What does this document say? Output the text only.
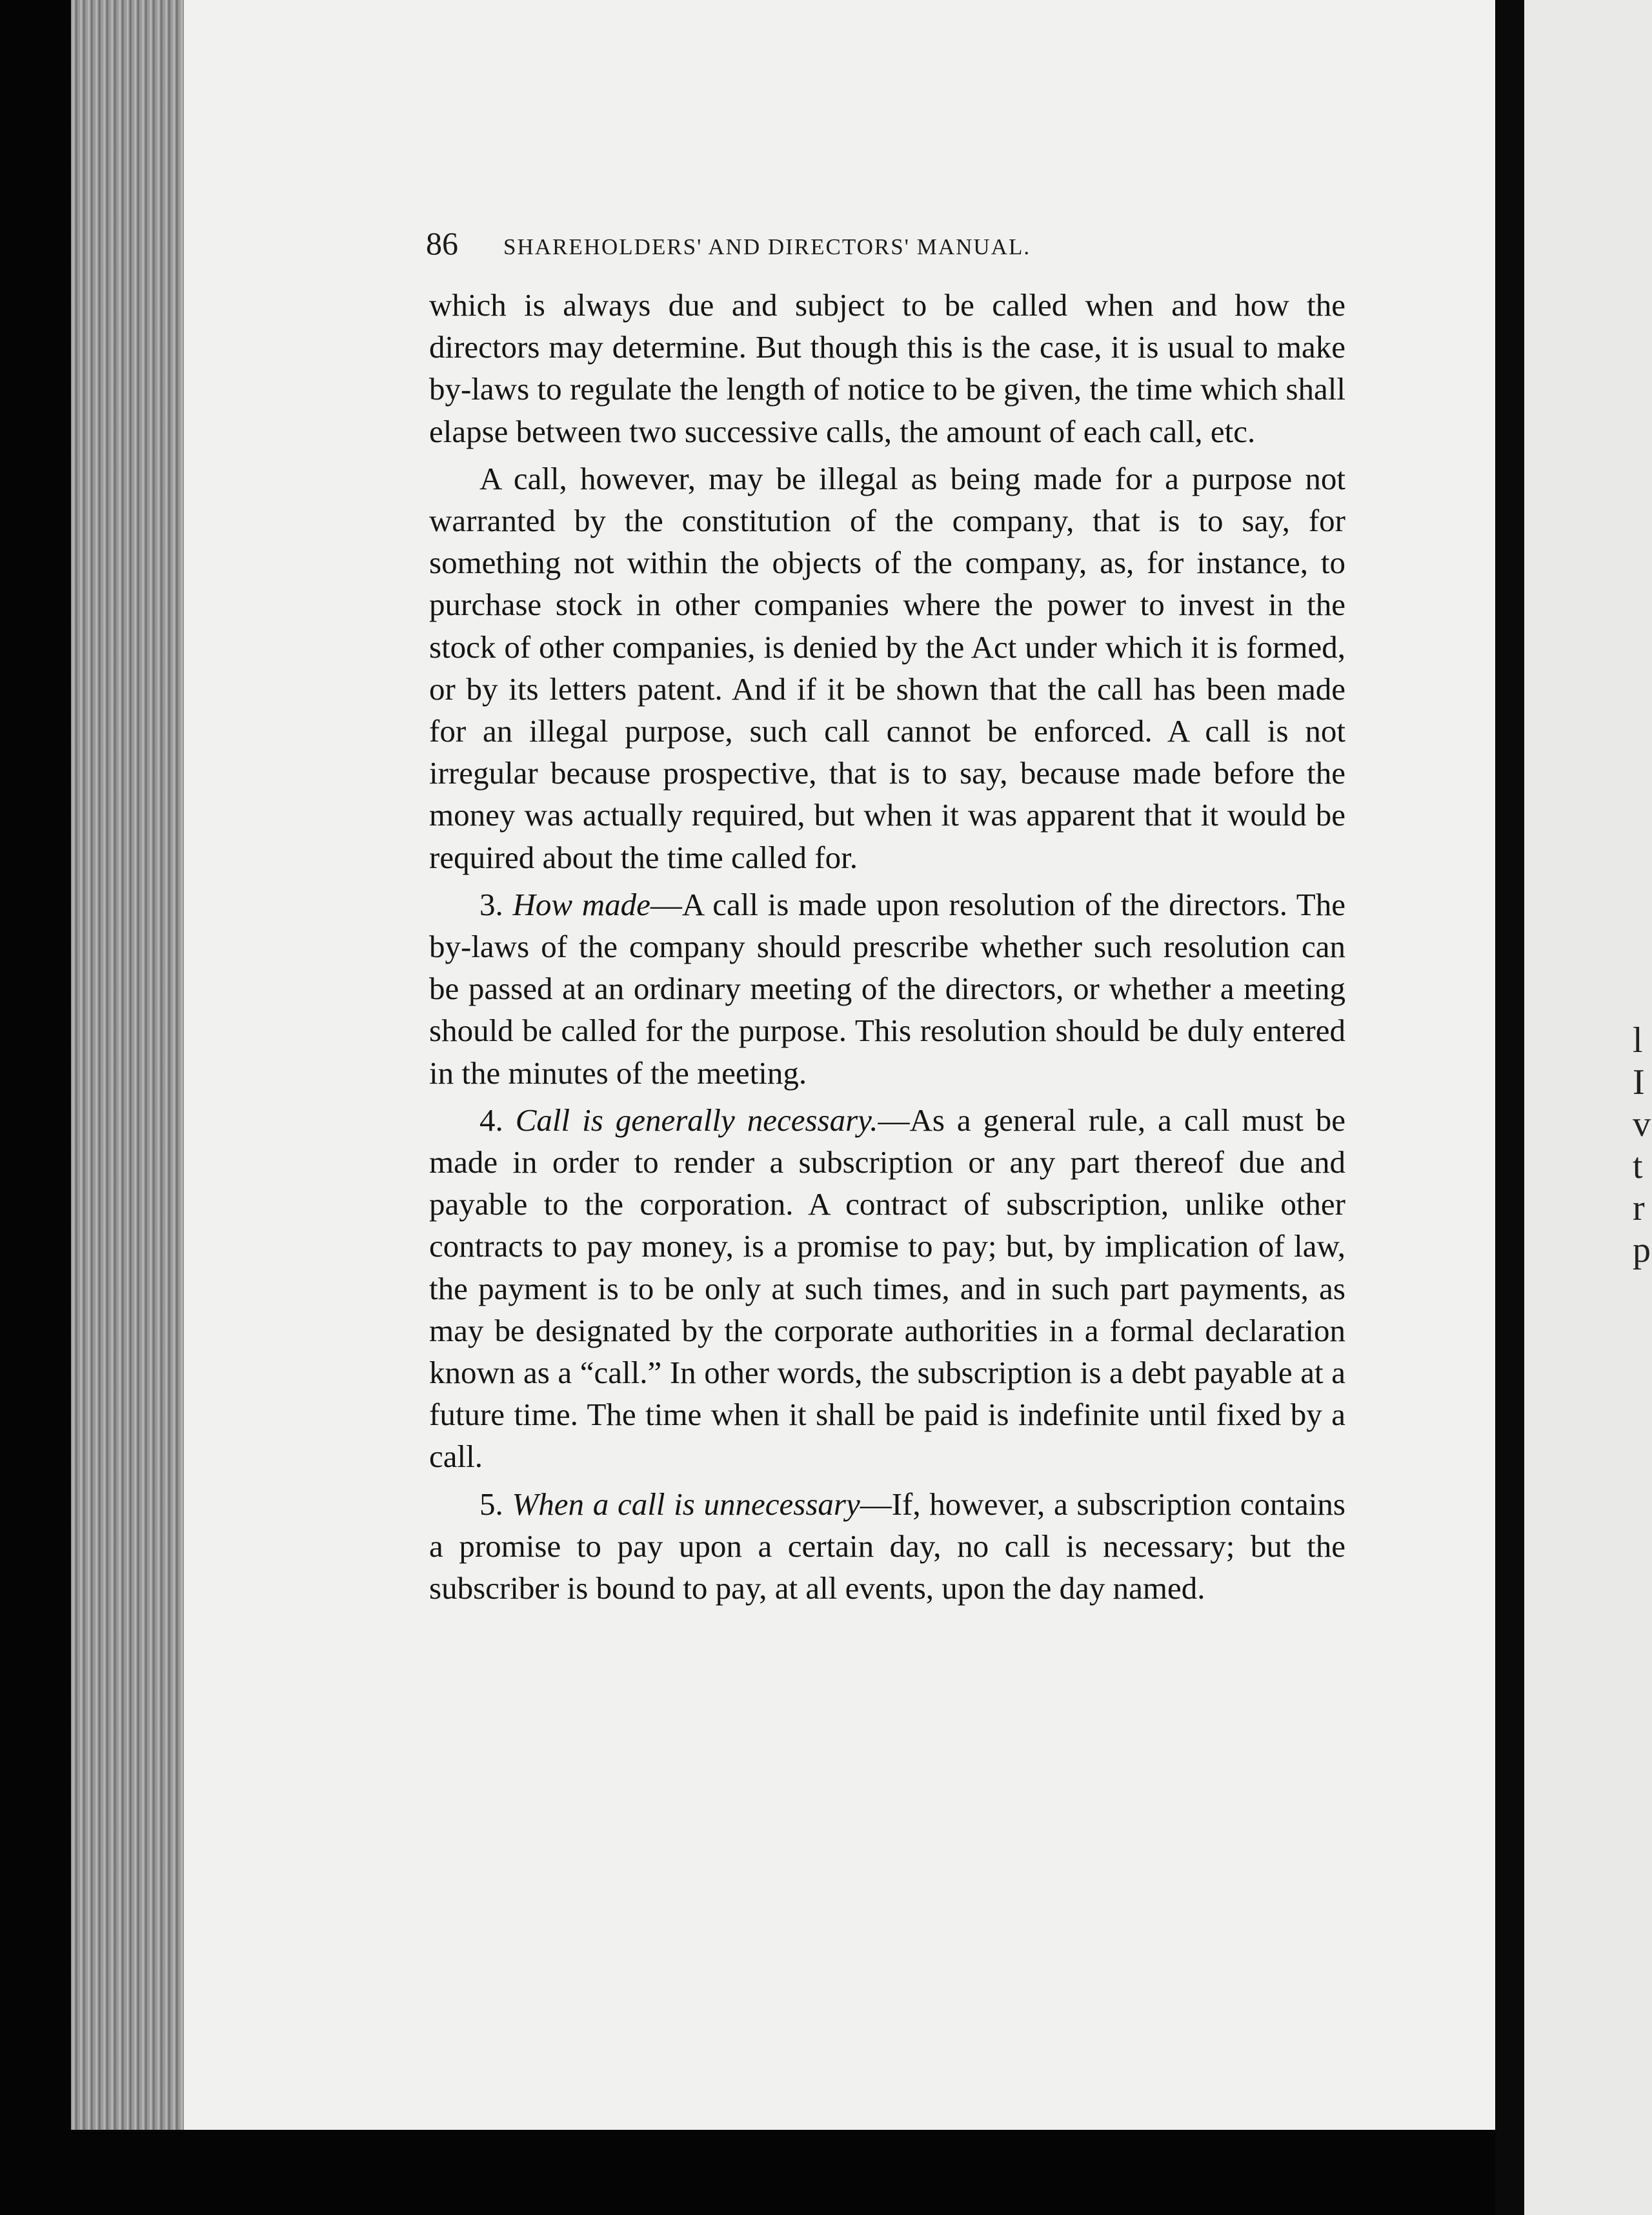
l
I
v
t
r
p
86 SHAREHOLDERS' AND DIRECTORS' MANUAL.

which is always due and subject to be called when and how the directors may determine. But though this is the case, it is usual to make by-laws to regulate the length of notice to be given, the time which shall elapse between two successive calls, the amount of each call, etc.

A call, however, may be illegal as being made for a purpose not warranted by the constitution of the company, that is to say, for something not within the objects of the company, as, for instance, to purchase stock in other companies where the power to invest in the stock of other companies, is denied by the Act under which it is formed, or by its letters patent. And if it be shown that the call has been made for an illegal purpose, such call cannot be enforced. A call is not irregular because prospective, that is to say, because made before the money was actually required, but when it was apparent that it would be required about the time called for.

3. How made—A call is made upon resolution of the directors. The by-laws of the company should prescribe whether such resolution can be passed at an ordinary meeting of the directors, or whether a meeting should be called for the purpose. This resolution should be duly entered in the minutes of the meeting.

4. Call is generally necessary.—As a general rule, a call must be made in order to render a subscription or any part thereof due and payable to the corporation. A contract of subscription, unlike other contracts to pay money, is a promise to pay; but, by implication of law, the payment is to be only at such times, and in such part payments, as may be designated by the corporate authorities in a formal declaration known as a “call.” In other words, the subscription is a debt payable at a future time. The time when it shall be paid is indefinite until fixed by a call.

5. When a call is unnecessary—If, however, a subscription contains a promise to pay upon a certain day, no call is necessary; but the subscriber is bound to pay, at all events, upon the day named.
